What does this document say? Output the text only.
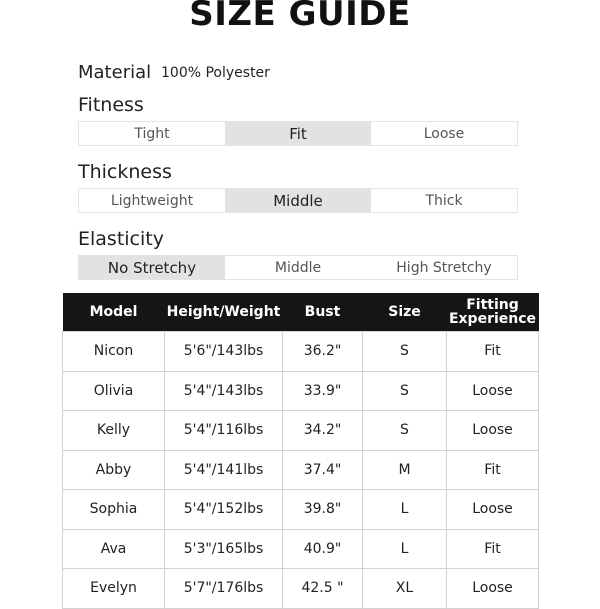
SIZE GUIDE
Material 100% Polyester
Fitness
Tight	Fit	Loose
Thickness
Lightweight	Middle	Thick
Elasticity
No Stretchy	Middle	High Stretchy
Model	Height/Weight	Bust	Size	Fitting Experience
Nicon	5'6"/143lbs	36.2"	S	Fit
Olivia	5'4"/143lbs	33.9"	S	Loose
Kelly	5'4"/116lbs	34.2"	S	Loose
Abby	5'4"/141lbs	37.4"	M	Fit
Sophia	5'4"/152lbs	39.8"	L	Loose
Ava	5'3"/165lbs	40.9"	L	Fit
Evelyn	5'7"/176lbs	42.5 "	XL	Loose
